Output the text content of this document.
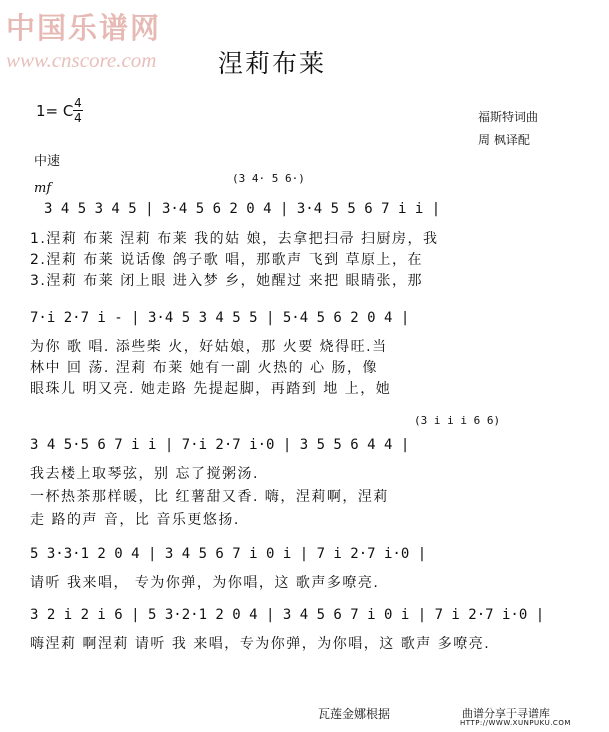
中国乐谱网
www.cnscore.com 涅莉布莱
1= C 4
4	福斯特词曲
周 枫译配
中速
mf
(3 4· 5 6·)
3 4 5 3 4 5 | 3·4 5 6 2 0 4 | 3·4 5 5 6 7 i i |
1.涅莉 布莱 涅莉 布莱 我的姑 娘，去拿把扫帚 扫厨房，我
2.涅莉 布莱 说话像 鸽子歌 唱，那歌声 飞到 草原上，在
3.涅莉 布莱 闭上眼 进入梦 乡，她醒过 来把 眼睛张，那
7·i 2·7 i - | 3·4 5 3 4 5 5 | 5·4 5 6 2 0 4 |
为你 歌 唱. 添些柴 火，好姑娘，那 火要 烧得旺.当
林中 回 荡. 涅莉 布莱 她有一副 火热的 心 肠，像
眼珠儿 明又亮. 她走路 先提起脚，再踏到 地 上，她
(3 i i i 6 6)
3 4 5·5 6 7 i i | 7·i 2·7 i·0 | 3 5 5 6 4 4 |
我去楼上取琴弦，别 忘了搅粥汤.
一杯热茶那样暖，比 红薯甜又香. 嗨，涅莉啊，涅莉
走 路的声 音，比 音乐更悠扬.
5 3·3·1 2 0 4 | 3 4 5 6 7 i 0 i | 7 i 2·7 i·0 |
请听 我来唱， 专为你弹，为你唱，这 歌声多嘹亮.
3 2 i 2 i 6 | 5 3·2·1 2 0 4 | 3 4 5 6 7 i 0 i | 7 i 2·7 i·0 |
嗨涅莉 啊涅莉 请听 我 来唱，专为你弹，为你唱，这 歌声 多嘹亮.
瓦莲金娜根据	曲谱分享于寻谱库
HTTP://WWW.XUNPUKU.COM
